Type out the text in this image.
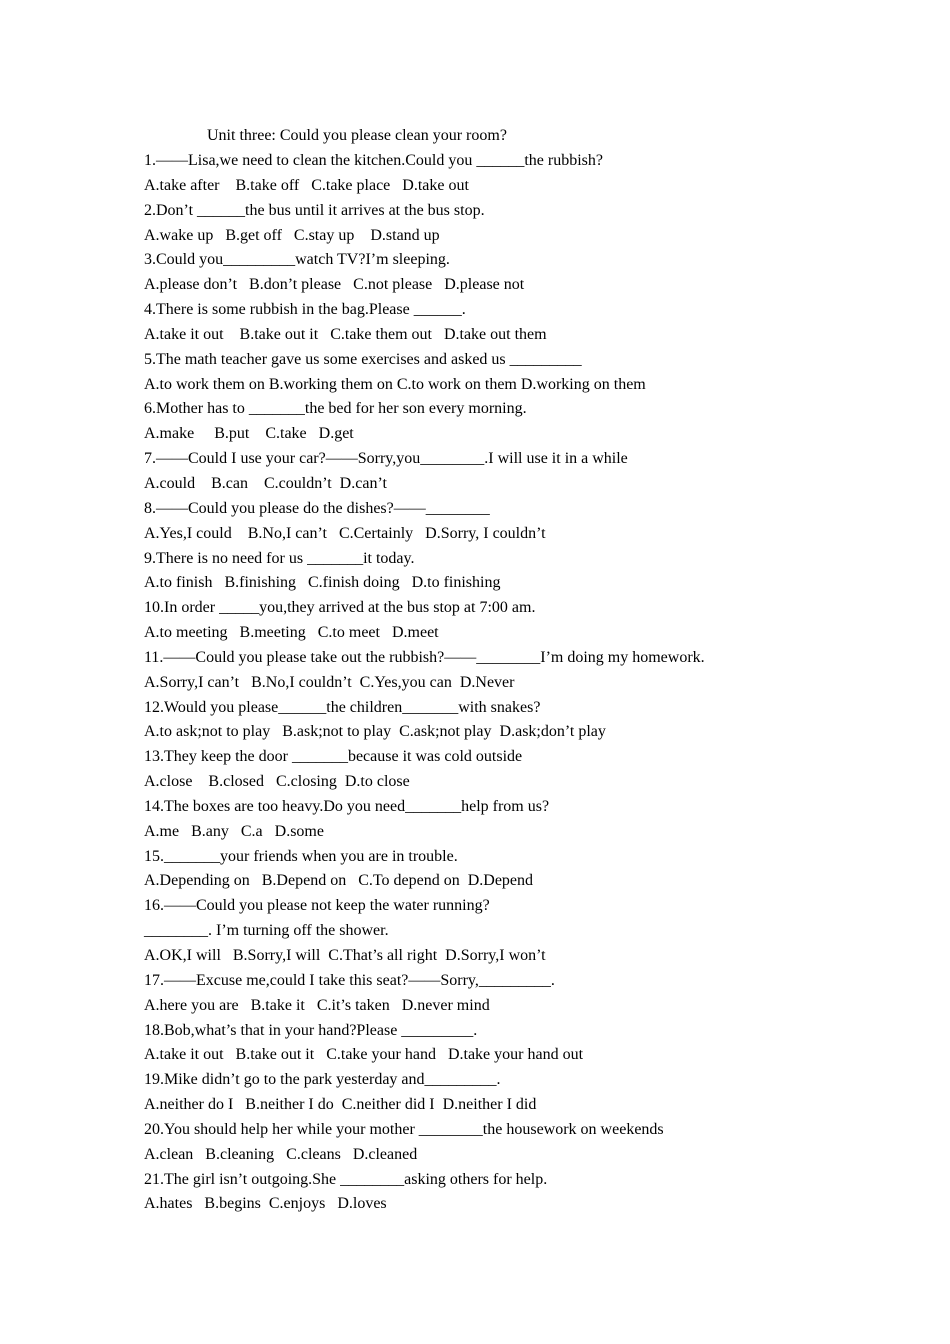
Unit three: Could you please clean your room?
1.——Lisa,we need to clean the kitchen.Could you ______the rubbish?
A.take after    B.take off   C.take place   D.take out
2.Don’t ______the bus until it arrives at the bus stop.
A.wake up   B.get off   C.stay up    D.stand up
3.Could you_________watch TV?I’m sleeping.
A.please don’t   B.don’t please   C.not please   D.please not
4.There is some rubbish in the bag.Please ______.
A.take it out    B.take out it   C.take them out   D.take out them
5.The math teacher gave us some exercises and asked us _________
A.to work them on B.working them on C.to work on them D.working on them
6.Mother has to _______the bed for her son every morning.
A.make     B.put    C.take   D.get
7.——Could I use your car?——Sorry,you________.I will use it in a while
A.could    B.can    C.couldn’t  D.can’t
8.——Could you please do the dishes?——________
A.Yes,I could    B.No,I can’t   C.Certainly   D.Sorry, I couldn’t
9.There is no need for us _______it today.
A.to finish   B.finishing   C.finish doing   D.to finishing
10.In order _____you,they arrived at the bus stop at 7:00 am.
A.to meeting   B.meeting   C.to meet   D.meet
11.——Could you please take out the rubbish?——________I’m doing my homework.
A.Sorry,I can’t   B.No,I couldn’t  C.Yes,you can  D.Never
12.Would you please______the children_______with snakes?
A.to ask;not to play   B.ask;not to play  C.ask;not play  D.ask;don’t play
13.They keep the door _______because it was cold outside
A.close    B.closed   C.closing  D.to close
14.The boxes are too heavy.Do you need_______help from us?
A.me   B.any   C.a   D.some
15._______your friends when you are in trouble.
A.Depending on   B.Depend on   C.To depend on  D.Depend
16.——Could you please not keep the water running?
________. I’m turning off the shower.
A.OK,I will   B.Sorry,I will  C.That’s all right  D.Sorry,I won’t
17.——Excuse me,could I take this seat?——Sorry,_________.
A.here you are   B.take it   C.it’s taken   D.never mind
18.Bob,what’s that in your hand?Please _________.
A.take it out   B.take out it   C.take your hand   D.take your hand out
19.Mike didn’t go to the park yesterday and_________.
A.neither do I   B.neither I do  C.neither did I  D.neither I did
20.You should help her while your mother ________the housework on weekends
A.clean   B.cleaning   C.cleans   D.cleaned
21.The girl isn’t outgoing.She ________asking others for help.
A.hates   B.begins  C.enjoys   D.loves
